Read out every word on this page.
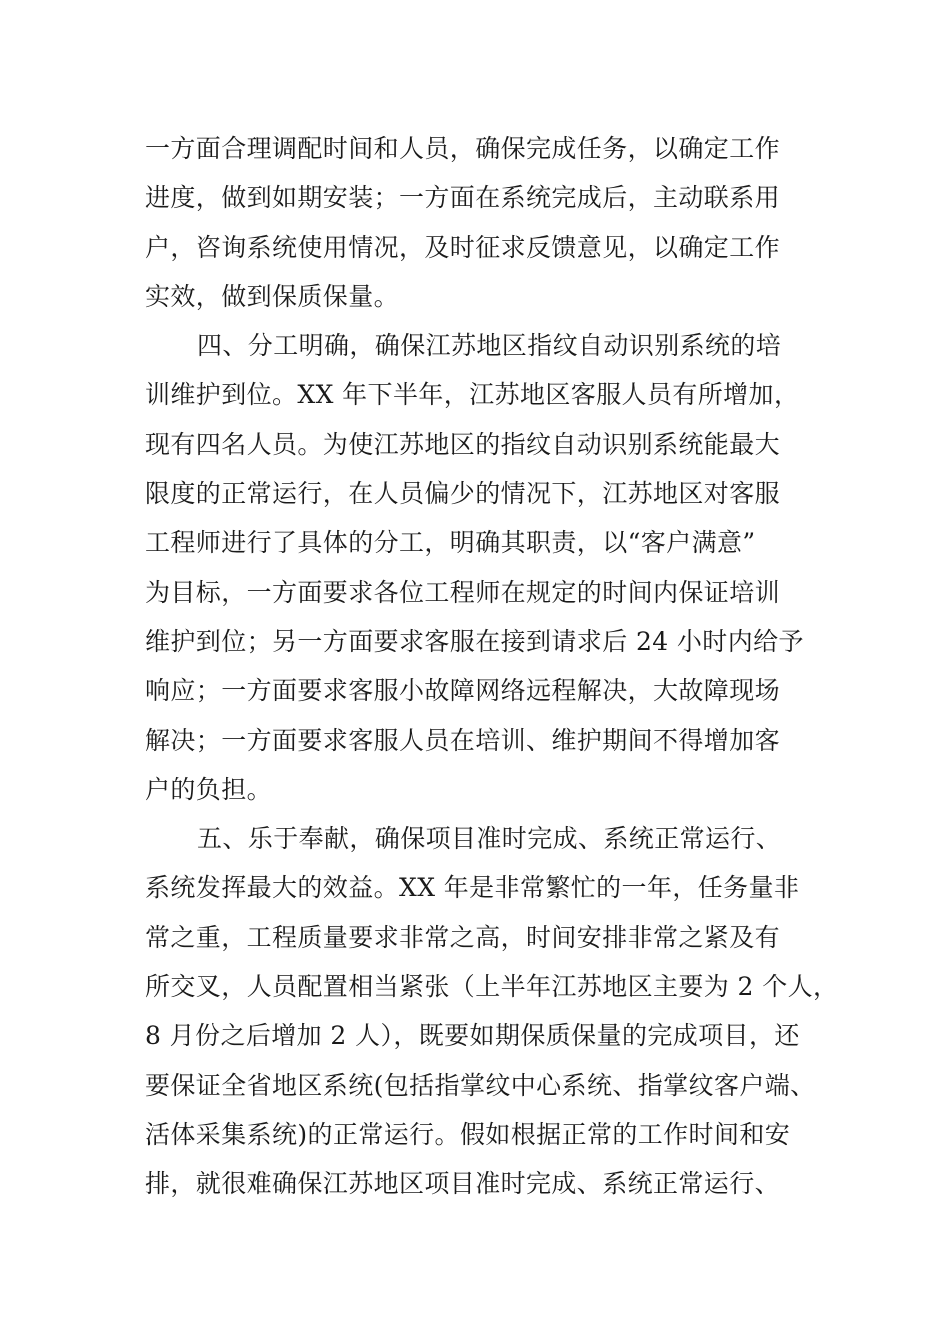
一方面合理调配时间和人员，确保完成任务，以确定工作
进度，做到如期安装；一方面在系统完成后，主动联系用
户，咨询系统使用情况，及时征求反馈意见，以确定工作
实效，做到保质保量。
四、分工明确，确保江苏地区指纹自动识别系统的培
训维护到位。XX 年下半年，江苏地区客服人员有所增加，
现有四名人员。为使江苏地区的指纹自动识别系统能最大
限度的正常运行，在人员偏少的情况下，江苏地区对客服
工程师进行了具体的分工，明确其职责，以“客户满意”
为目标，一方面要求各位工程师在规定的时间内保证培训
维护到位；另一方面要求客服在接到请求后 24 小时内给予
响应；一方面要求客服小故障网络远程解决，大故障现场
解决；一方面要求客服人员在培训、维护期间不得增加客
户的负担。
五、乐于奉献，确保项目准时完成、系统正常运行、
系统发挥最大的效益。XX 年是非常繁忙的一年，任务量非
常之重，工程质量要求非常之高，时间安排非常之紧及有
所交叉，人员配置相当紧张（上半年江苏地区主要为 2 个人，
8 月份之后增加 2 人），既要如期保质保量的完成项目，还
要保证全省地区系统(包括指掌纹中心系统、指掌纹客户端、
活体采集系统)的正常运行。假如根据正常的工作时间和安
排，就很难确保江苏地区项目准时完成、系统正常运行、
